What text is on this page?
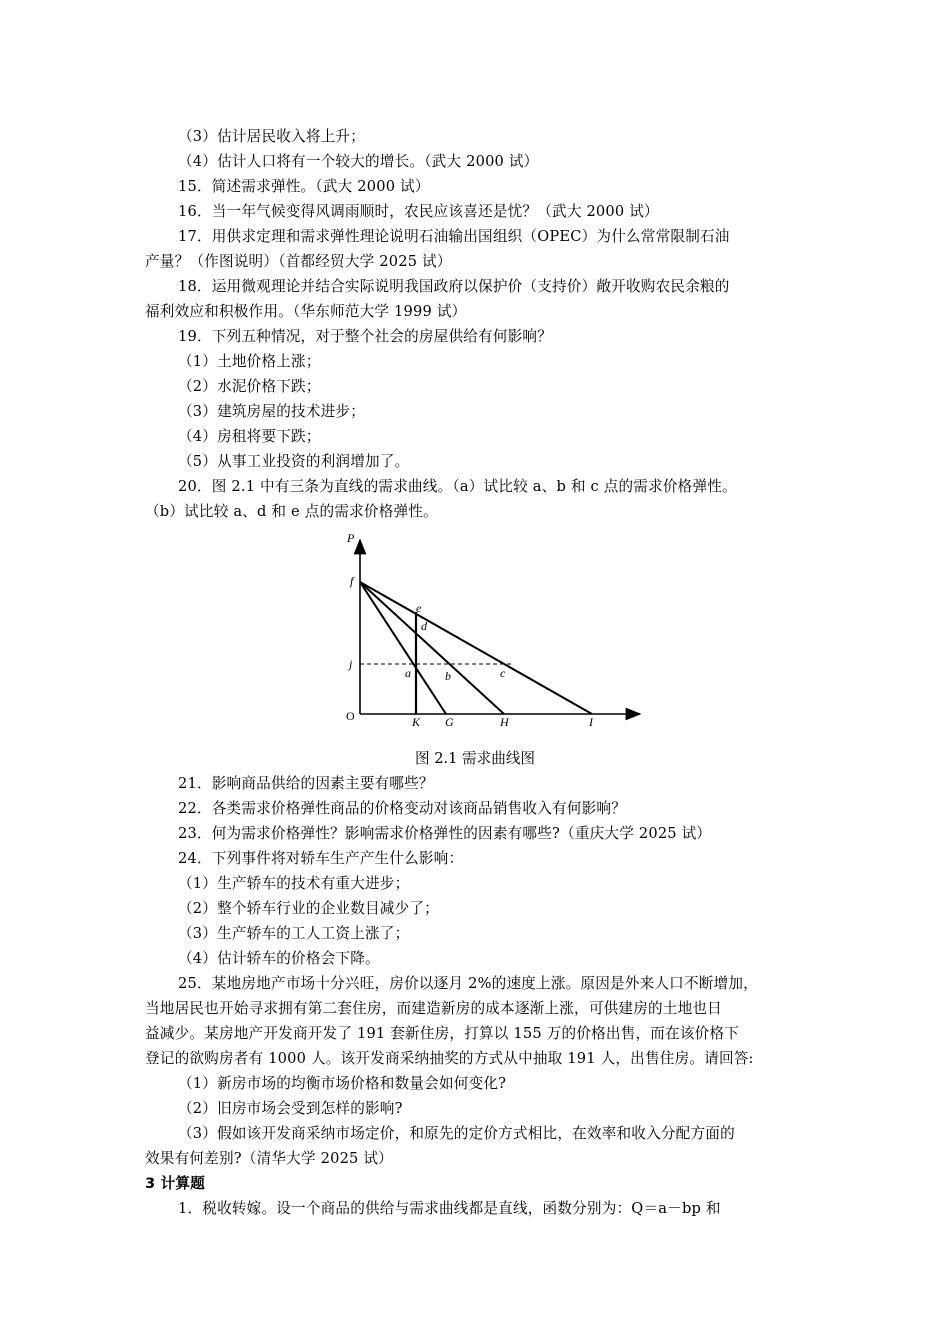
（3）估计居民收入将上升；
（4）估计人口将有一个较大的增长。（武大 2000 试）
15．简述需求弹性。（武大 2000 试）
16．当一年气候变得风调雨顺时，农民应该喜还是忧？（武大 2000 试）
17．用供求定理和需求弹性理论说明石油输出国组织（OPEC）为什么常常限制石油
产量？（作图说明）（首都经贸大学 2025 试）
18．运用微观理论并结合实际说明我国政府以保护价（支持价）敞开收购农民余粮的
福利效应和积极作用。（华东师范大学 1999 试）
19．下列五种情况，对于整个社会的房屋供给有何影响？
（1）土地价格上涨；
（2）水泥价格下跌；
（3）建筑房屋的技术进步；
（4）房租将要下跌；
（5）从事工业投资的利润增加了。
20．图 2.1 中有三条为直线的需求曲线。（a）试比较 a、b 和 c 点的需求价格弹性。
（b）试比较 a、d 和 e 点的需求价格弹性。
P
f
e
d
j
a	b	c
O	K G	H	I
图 2.1 需求曲线图
21．影响商品供给的因素主要有哪些？
22．各类需求价格弹性商品的价格变动对该商品销售收入有何影响？
23．何为需求价格弹性？影响需求价格弹性的因素有哪些?（重庆大学 2025 试）
24．下列事件将对轿车生产产生什么影响：
（1）生产轿车的技术有重大进步；
（2）整个轿车行业的企业数目减少了；
（3）生产轿车的工人工资上涨了；
（4）估计轿车的价格会下降。
25．某地房地产市场十分兴旺，房价以逐月 2%的速度上涨。原因是外来人口不断增加，
当地居民也开始寻求拥有第二套住房，而建造新房的成本逐渐上涨，可供建房的土地也日
益减少。某房地产开发商开发了 191 套新住房，打算以 155 万的价格出售，而在该价格下
登记的欲购房者有 1000 人。该开发商采纳抽奖的方式从中抽取 191 人，出售住房。请回答:
（1）新房市场的均衡市场价格和数量会如何变化?
（2）旧房市场会受到怎样的影响?
（3）假如该开发商采纳市场定价，和原先的定价方式相比，在效率和收入分配方面的
效果有何差别?（清华大学 2025 试）
3 计算题
1．税收转嫁。设一个商品的供给与需求曲线都是直线，函数分别为：Q＝a－bp 和
